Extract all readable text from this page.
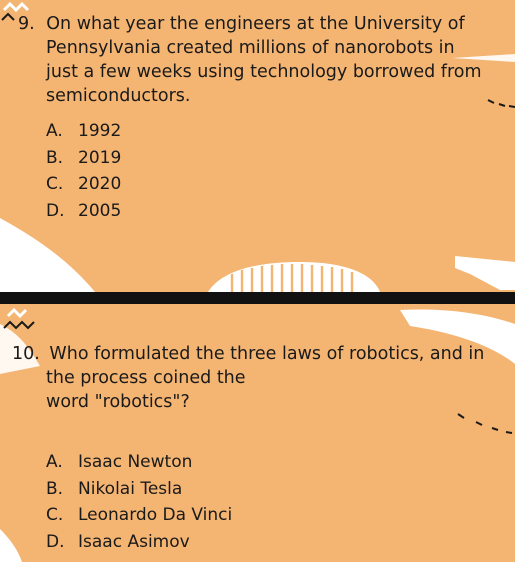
9. On what year the engineers at the University of
Pennsylvania created millions of nanorobots in
just a few weeks using technology borrowed from
semiconductors.
A. 1992
B. 2019
C. 2020
D. 2005
10. Who formulated the three laws of robotics, and in
the process coined the
word "robotics"?
A. Isaac Newton
B. Nikolai Tesla
C. Leonardo Da Vinci
D. Isaac Asimov
